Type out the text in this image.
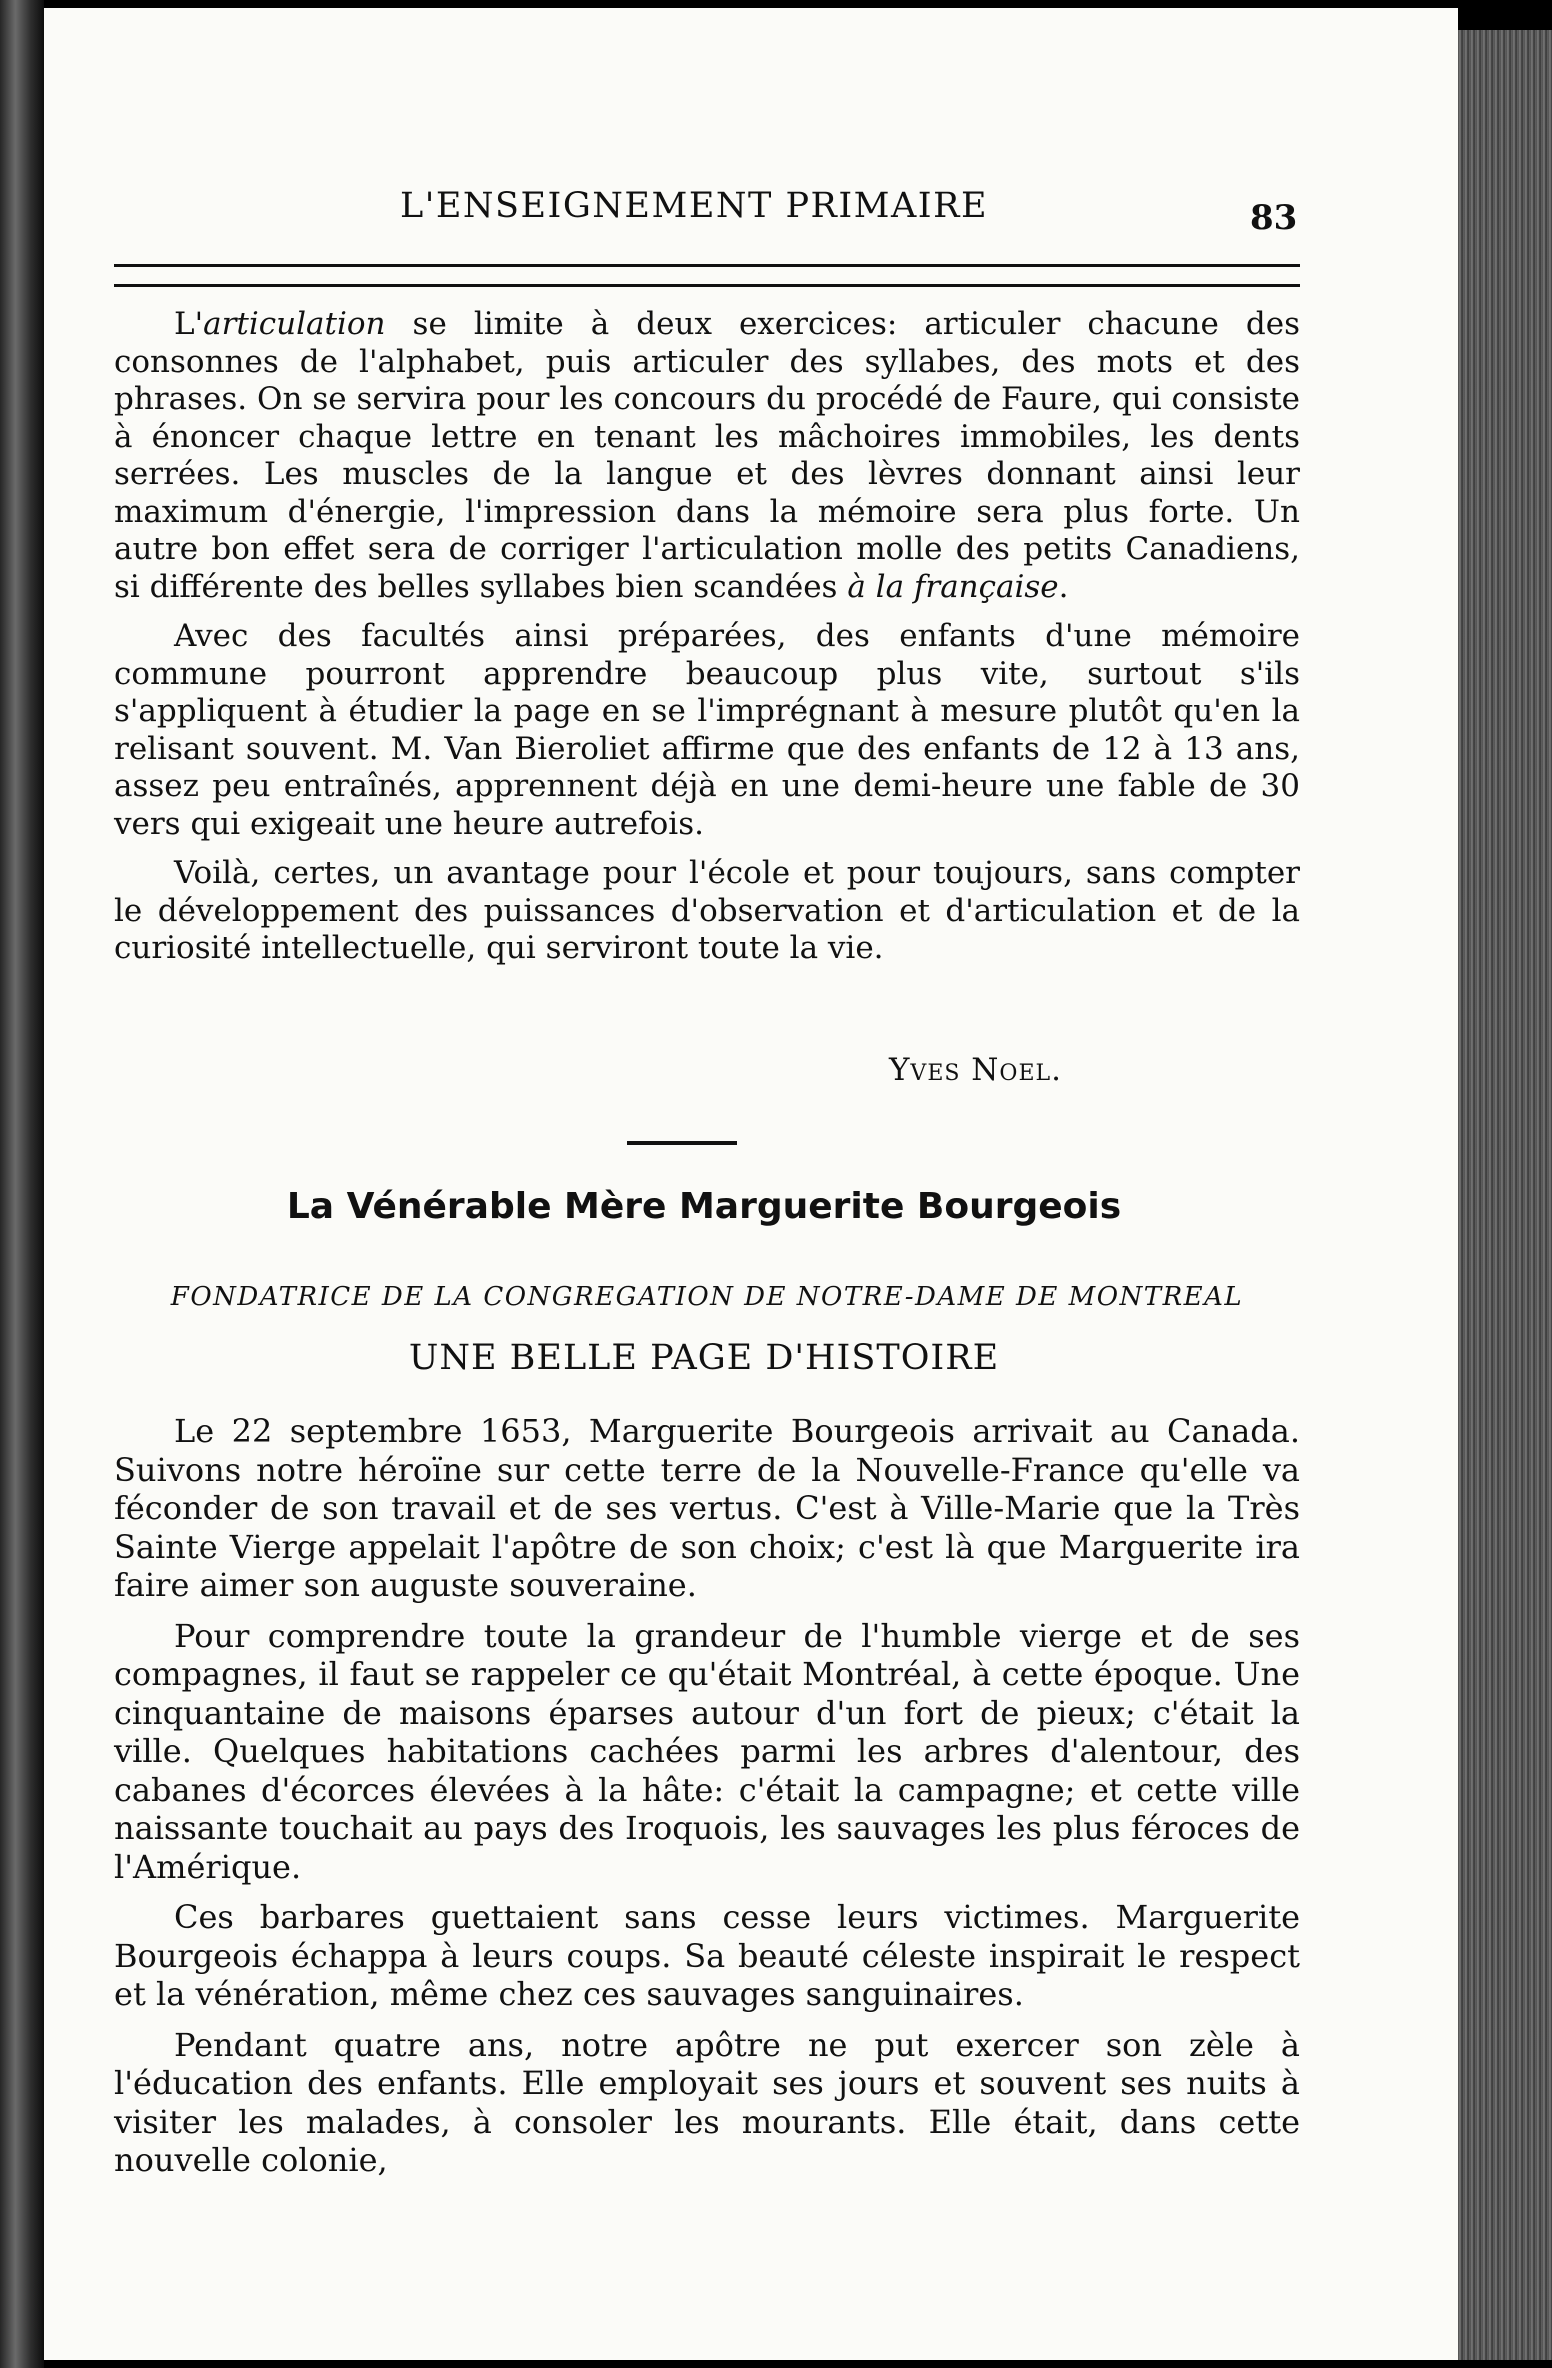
L'ENSEIGNEMENT PRIMAIRE	83

L'articulation se limite à deux exercices: articuler chacune des consonnes de l'alphabet, puis articuler des syllabes, des mots et des phrases. On se servira pour les concours du procédé de Faure, qui consiste à énoncer chaque lettre en tenant les mâchoires immobiles, les dents serrées. Les muscles de la langue et des lèvres donnant ainsi leur maximum d'énergie, l'impression dans la mémoire sera plus forte. Un autre bon effet sera de corriger l'articulation molle des petits Canadiens, si différente des belles syllabes bien scandées à la française.

Avec des facultés ainsi préparées, des enfants d'une mémoire commune pourront apprendre beaucoup plus vite, surtout s'ils s'appliquent à étudier la page en se l'imprégnant à mesure plutôt qu'en la relisant souvent. M. Van Bieroliet affirme que des enfants de 12 à 13 ans, assez peu entraînés, apprennent déjà en une demi-heure une fable de 30 vers qui exigeait une heure autrefois.

Voilà, certes, un avantage pour l'école et pour toujours, sans compter le développement des puissances d'observation et d'articulation et de la curiosité intellectuelle, qui serviront toute la vie.

Yves Noel.
La Vénérable Mère Marguerite Bourgeois
FONDATRICE DE LA CONGREGATION DE NOTRE-DAME DE MONTREAL
UNE BELLE PAGE D'HISTOIRE

Le 22 septembre 1653, Marguerite Bourgeois arrivait au Canada. Suivons notre héroïne sur cette terre de la Nouvelle-France qu'elle va féconder de son travail et de ses vertus. C'est à Ville-Marie que la Très Sainte Vierge appelait l'apôtre de son choix; c'est là que Marguerite ira faire aimer son auguste souveraine.

Pour comprendre toute la grandeur de l'humble vierge et de ses compagnes, il faut se rappeler ce qu'était Montréal, à cette époque. Une cinquantaine de maisons éparses autour d'un fort de pieux; c'était la ville. Quelques habitations cachées parmi les arbres d'alentour, des cabanes d'écorces élevées à la hâte: c'était la campagne; et cette ville naissante touchait au pays des Iroquois, les sauvages les plus féroces de l'Amérique.

Ces barbares guettaient sans cesse leurs victimes. Marguerite Bourgeois échappa à leurs coups. Sa beauté céleste inspirait le respect et la vénération, même chez ces sauvages sanguinaires.

Pendant quatre ans, notre apôtre ne put exercer son zèle à l'éducation des enfants. Elle employait ses jours et souvent ses nuits à visiter les malades, à consoler les mourants. Elle était, dans cette nouvelle colonie,
